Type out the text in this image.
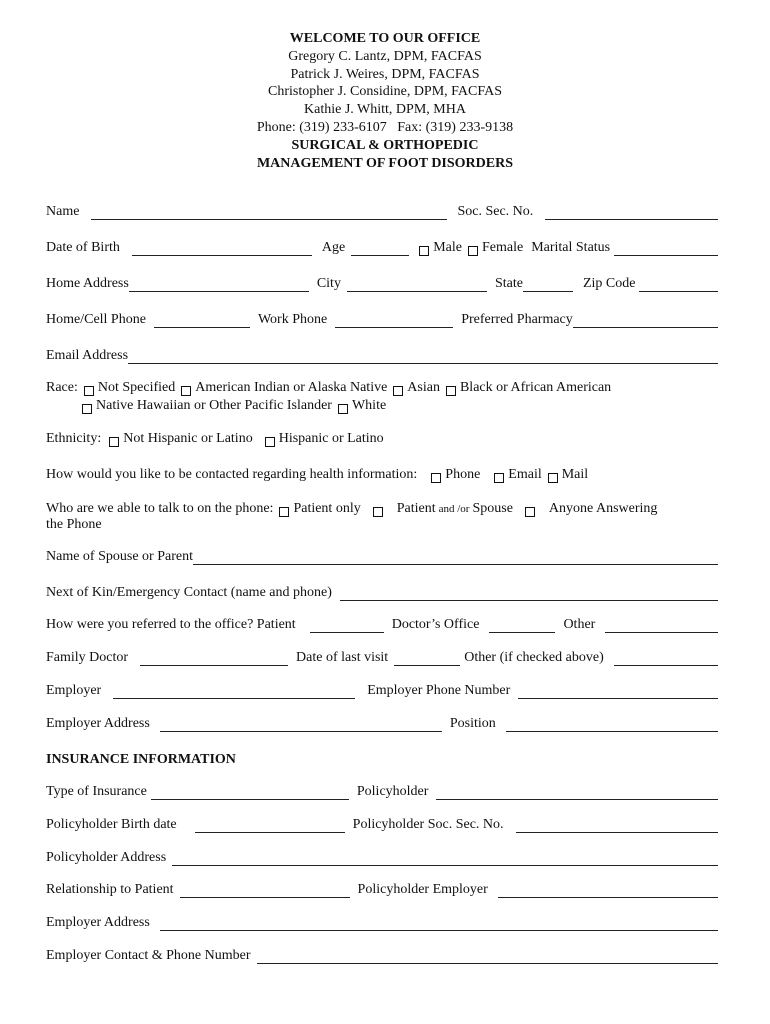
WELCOME TO OUR OFFICE
Gregory C. Lantz, DPM, FACFAS
Patrick J. Weires, DPM, FACFAS
Christopher J. Considine, DPM, FACFAS
Kathie J. Whitt, DPM, MHA
Phone: (319) 233-6107   Fax: (319) 233-9138
SURGICAL & ORTHOPEDIC
MANAGEMENT OF FOOT DISORDERS
Name	Soc. Sec. No.
Date of Birth	Age	Male Female Marital Status
Home Address	City	State	Zip Code
Home/Cell Phone	Work Phone	Preferred Pharmacy
Email Address
Race: Not Specified American Indian or Alaska Native Asian Black or African American
Native Hawaiian or Other Pacific Islander White
Ethnicity: Not Hispanic or Latino Hispanic or Latino
How would you like to be contacted regarding health information: Phone Email Mail
Who are we able to talk to on the phone: Patient only	Patient and /or Spouse	Anyone Answering
the Phone
Name of Spouse or Parent
Next of Kin/Emergency Contact (name and phone)
How were you referred to the office? Patient	Doctor’s Office	Other
Family Doctor	Date of last visit	Other (if checked above)
Employer	Employer Phone Number
Employer Address	Position
INSURANCE INFORMATION
Type of Insurance	Policyholder
Policyholder Birth date	Policyholder Soc. Sec. No.
Policyholder Address
Relationship to Patient	Policyholder Employer
Employer Address
Employer Contact & Phone Number
